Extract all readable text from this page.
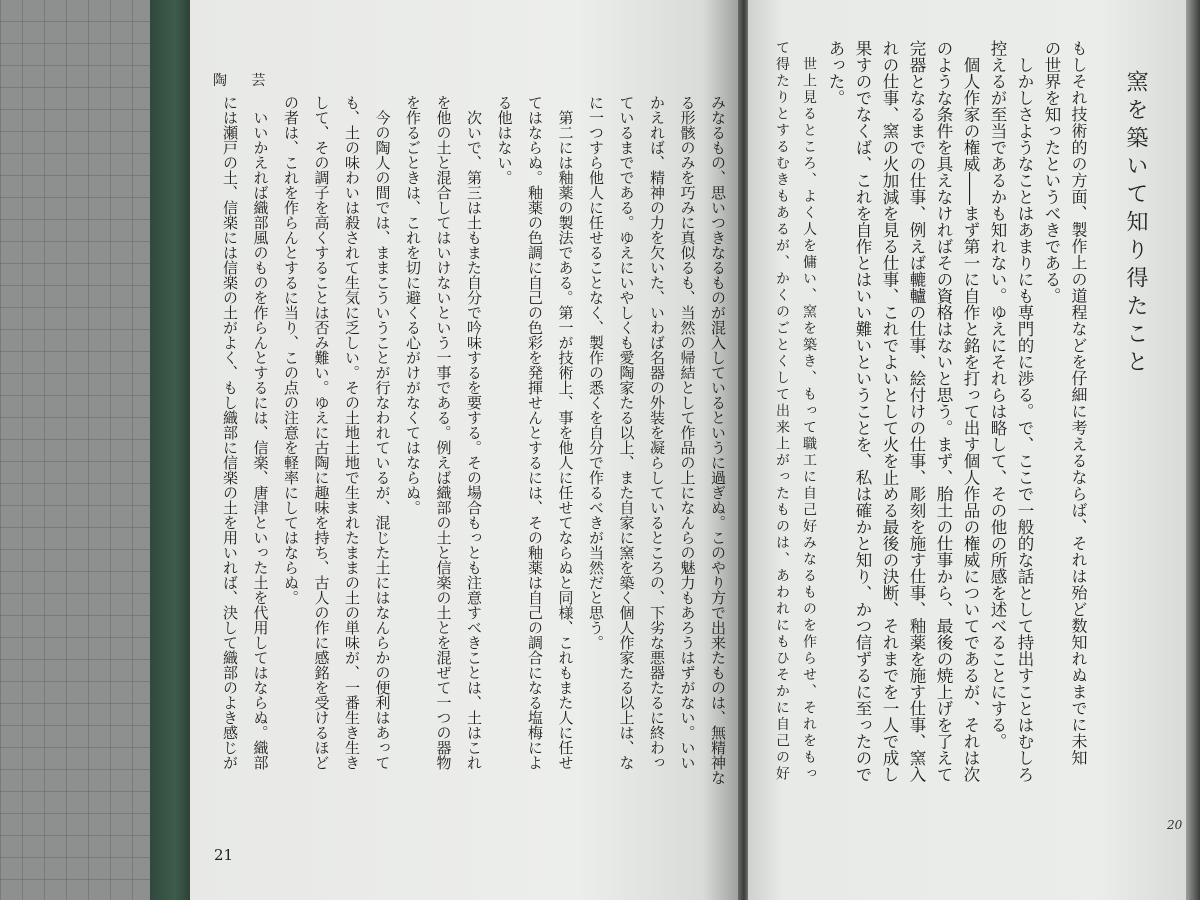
陶 芸
みなるもの、思いつきなるものが混入しているというに過ぎぬ。このやり方で出来たものは、無精神な
る形骸のみを巧みに真似るも、当然の帰結として作品の上になんらの魅力もあろうはずがない。いい
かえれば、精神の力を欠いた、いわば名器の外装を凝らしているところの、下劣な悪器たるに終わっ
ているまでである。ゆえにいやしくも愛陶家たる以上、また自家に窯を築く個人作家たる以上は、な
に一つすら他人に任せることなく、製作の悉くを自分で作るべきが当然だと思う。
　第二には釉薬の製法である。第一が技術上、事を他人に任せてならぬと同様、これもまた人に任せ
てはならぬ。釉薬の色調に自己の色彩を発揮せんとするには、その釉薬は自己の調合になる塩梅によ
る他はない。
　次いで、第三は土もまた自分で吟味するを要する。その場合もっとも注意すべきことは、土はこれ
を他の土と混合してはいけないという一事である。例えば織部の土と信楽の土とを混ぜて一つの器物
を作るごときは、これを切に避くる心がけがなくてはならぬ。
　今の陶人の間では、ままこういうことが行なわれているが、混じた土にはなんらかの便利はあって
も、土の味わいは殺されて生気に乏しい。その土地土地で生まれたままの土の単味が、一番生き生き
して、その調子を高くすることは否み難い。ゆえに古陶に趣味を持ち、古人の作に感銘を受けるほど
の者は、これを作らんとするに当り、この点の注意を軽率にしてはならぬ。
　いいかえれば織部風のものを作らんとするには、信楽、唐津といった土を代用してはならぬ。織部
には瀬戸の土、信楽には信楽の土がよく、もし織部に信楽の土を用いれば、決して織部のよき感じが
21
窯を築いて知り得たこと
もしそれ技術的の方面、製作上の道程などを仔細に考えるならば、それは殆ど数知れぬまでに未知
の世界を知ったというべきである。
　しかしさようなことはあまりにも専門的に渉る。で、ここで一般的な話として持出すことはむしろ
控えるが至当であるかも知れない。ゆえにそれらは略して、その他の所感を述べることにする。
　個人作家の権威――まず第一に自作と銘を打って出す個人作品の権威についてであるが、それは次
のような条件を具えなければその資格はないと思う。まず、胎土の仕事から、最後の焼上げを了えて
完器となるまでの仕事、例えば轆轤の仕事、絵付けの仕事、彫刻を施す仕事、釉薬を施す仕事、窯入
れの仕事、窯の火加減を見る仕事、これでよいとして火を止める最後の決断、それまでを一人で成し
果すのでなくば、これを自作とはいい難いということを、私は確かと知り、かつ信ずるに至ったので
あった。
　世上見るところ、よく人を傭い、窯を築き、もって職工に自己好みなるものを作らせ、それをもっ
て得たりとするむきもあるが、かくのごとくして出来上がったものは、あわれにもひそかに自己の好
20
